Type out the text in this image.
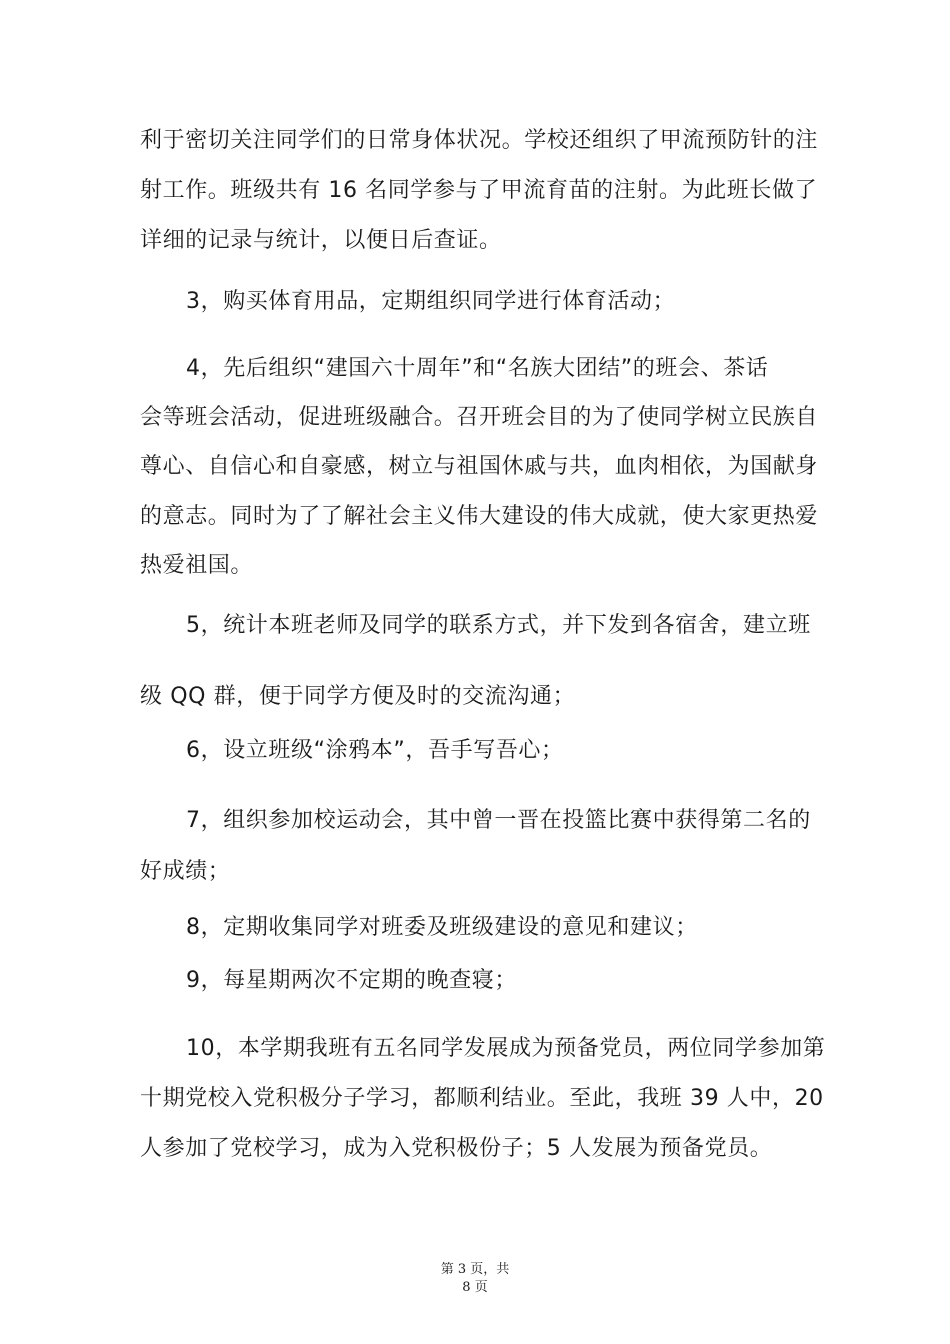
利于密切关注同学们的日常身体状况。学校还组织了甲流预防针的注
射工作。班级共有 16 名同学参与了甲流育苗的注射。为此班长做了
详细的记录与统计，以便日后查证。
3，购买体育用品，定期组织同学进行体育活动；
4，先后组织“建国六十周年”和“名族大团结”的班会、茶话
会等班会活动，促进班级融合。召开班会目的为了使同学树立民族自
尊心、自信心和自豪感，树立与祖国休戚与共，血肉相依，为国献身
的意志。同时为了了解社会主义伟大建设的伟大成就，使大家更热爱
热爱祖国。
5，统计本班老师及同学的联系方式，并下发到各宿舍，建立班
级 QQ 群，便于同学方便及时的交流沟通；
6，设立班级“涂鸦本”，吾手写吾心；
7，组织参加校运动会，其中曾一晋在投篮比赛中获得第二名的
好成绩；
8，定期收集同学对班委及班级建设的意见和建议；
9，每星期两次不定期的晚查寝；
10，本学期我班有五名同学发展成为预备党员，两位同学参加第
十期党校入党积极分子学习，都顺利结业。至此，我班 39 人中，20
人参加了党校学习，成为入党积极份子；5 人发展为预备党员。
第 3 页，共
8 页
